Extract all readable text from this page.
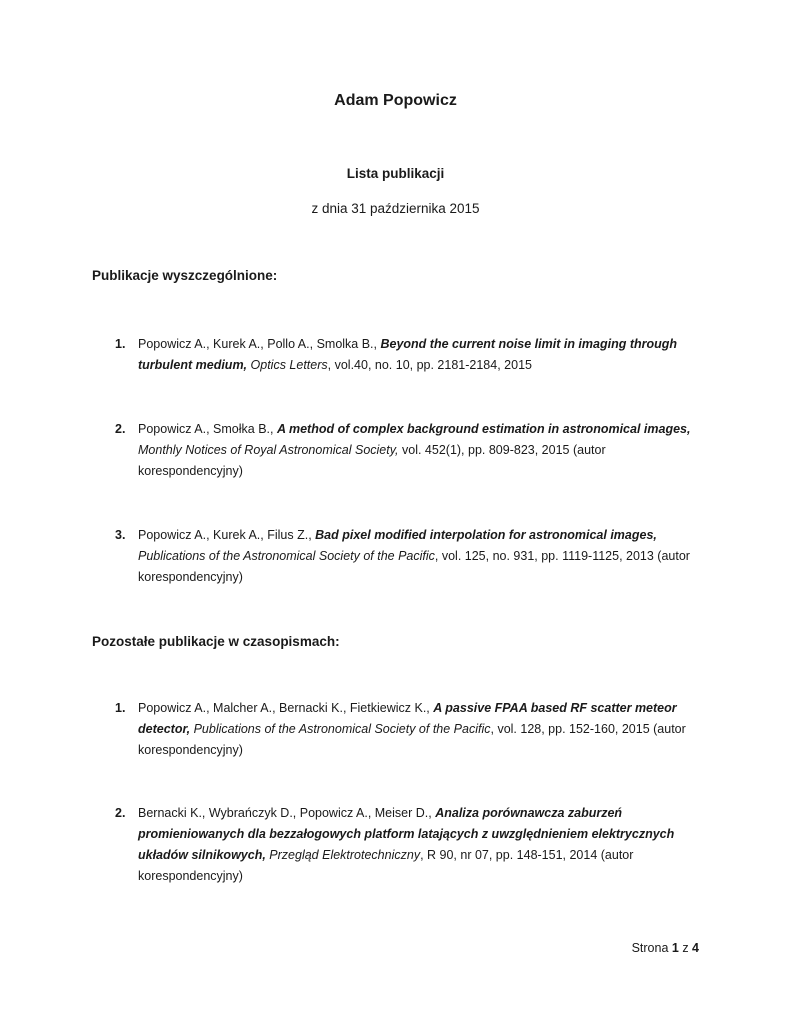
Adam Popowicz
Lista publikacji
z dnia 31 października 2015
Publikacje wyszczególnione:
1.	Popowicz A., Kurek A., Pollo A., Smolka B., Beyond the current noise limit in imaging through turbulent medium, Optics Letters, vol.40, no. 10, pp. 2181-2184, 2015
2.	Popowicz A., Smołka B., A method of complex background estimation in astronomical images, Monthly Notices of Royal Astronomical Society, vol. 452(1), pp. 809-823, 2015 (autor korespondencyjny)
3.	Popowicz A., Kurek A., Filus Z., Bad pixel modified interpolation for astronomical images, Publications of the Astronomical Society of the Pacific, vol. 125, no. 931, pp. 1119-1125, 2013 (autor korespondencyjny)
Pozostałe publikacje w czasopismach:
1.	Popowicz A., Malcher A., Bernacki K., Fietkiewicz K., A passive FPAA based RF scatter meteor detector, Publications of the Astronomical Society of the Pacific, vol. 128, pp. 152-160, 2015 (autor korespondencyjny)
2.	Bernacki K., Wybrańczyk D., Popowicz A., Meiser D., Analiza porównawcza zaburzeń promieniowanych dla bezzałogowych platform latających z uwzględnieniem elektrycznych układów silnikowych, Przegląd Elektrotechniczny, R 90, nr 07, pp. 148-151, 2014 (autor korespondencyjny)
Strona 1 z 4
